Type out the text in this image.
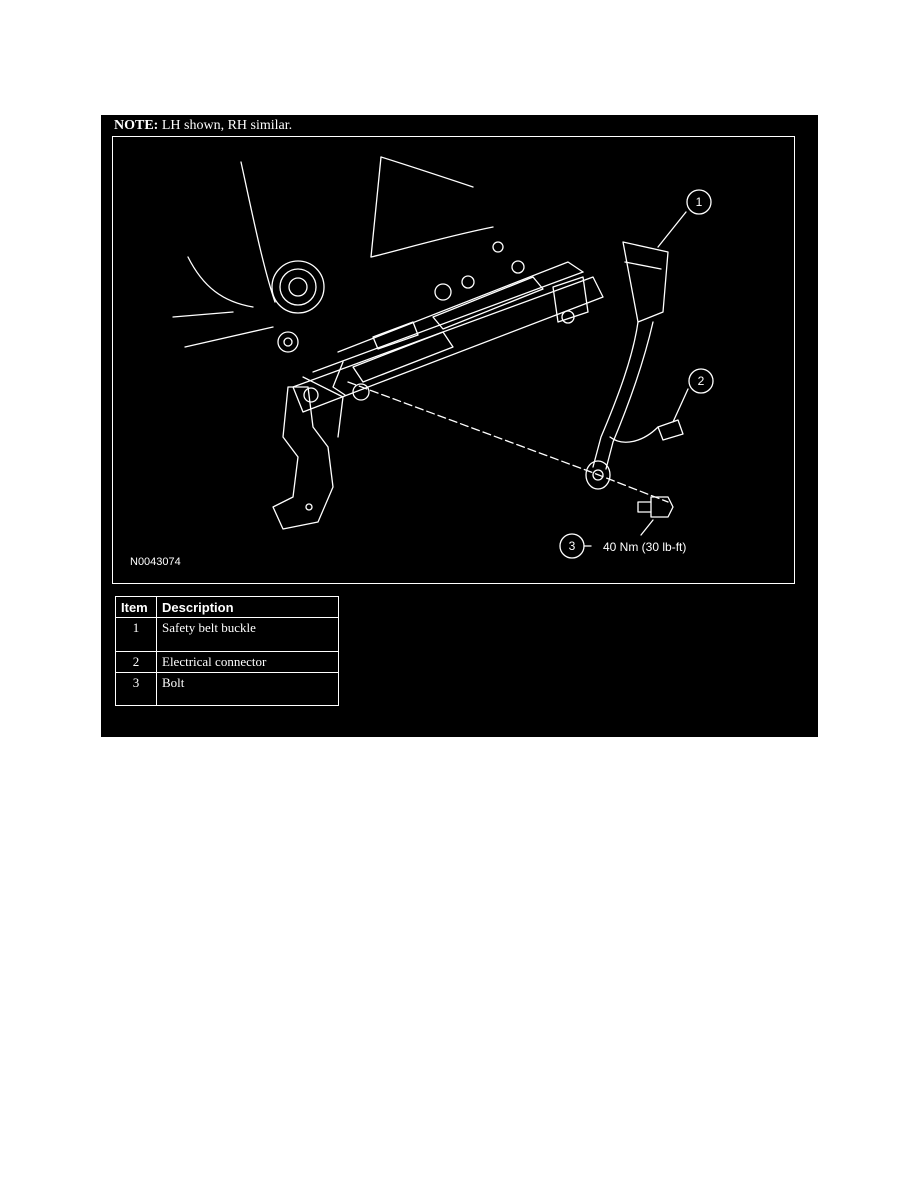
NOTE: LH shown, RH similar.
1
2
3 40 Nm (30 lb-ft)
N0043074
Item	Description
1	Safety belt buckle
2	Electrical connector
3	Bolt
